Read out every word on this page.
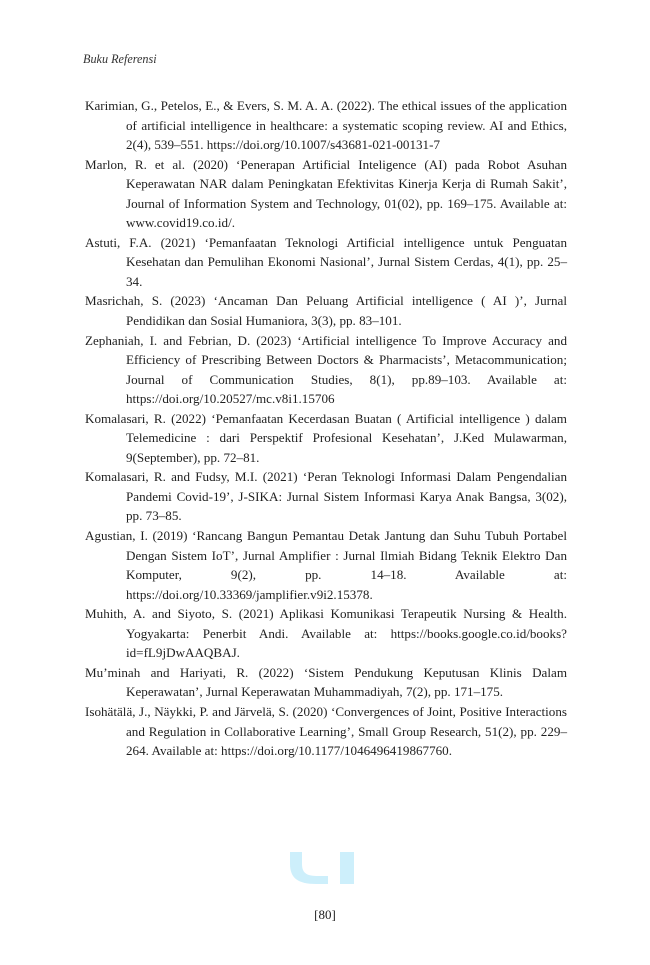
Buku Referensi
Karimian, G., Petelos, E., & Evers, S. M. A. A. (2022). The ethical issues of the application of artificial intelligence in healthcare: a systematic scoping review. AI and Ethics, 2(4), 539–551. https://doi.org/10.1007/s43681-021-00131-7
Marlon, R. et al. (2020) ‘Penerapan Artificial Inteligence (AI) pada Robot Asuhan Keperawatan NAR dalam Peningkatan Efektivitas Kinerja Kerja di Rumah Sakit’, Journal of Information System and Technology, 01(02), pp. 169–175. Available at: www.covid19.co.id/.
Astuti, F.A. (2021) ‘Pemanfaatan Teknologi Artificial intelligence untuk Penguatan Kesehatan dan Pemulihan Ekonomi Nasional’, Jurnal Sistem Cerdas, 4(1), pp. 25–34.
Masrichah, S. (2023) ‘Ancaman Dan Peluang Artificial intelligence ( AI )’, Jurnal Pendidikan dan Sosial Humaniora, 3(3), pp. 83–101.
Zephaniah, I. and Febrian, D. (2023) ‘Artificial intelligence To Improve Accuracy and Efficiency of Prescribing Between Doctors & Pharmacists’, Metacommunication; Journal of Communication Studies, 8(1), pp.89–103. Available at: https://doi.org/10.20527/mc.v8i1.15706
Komalasari, R. (2022) ‘Pemanfaatan Kecerdasan Buatan ( Artificial intelligence ) dalam Telemedicine : dari Perspektif Profesional Kesehatan’, J.Ked Mulawarman, 9(September), pp. 72–81.
Komalasari, R. and Fudsy, M.I. (2021) ‘Peran Teknologi Informasi Dalam Pengendalian Pandemi Covid-19’, J-SIKA: Jurnal Sistem Informasi Karya Anak Bangsa, 3(02), pp. 73–85.
Agustian, I. (2019) ‘Rancang Bangun Pemantau Detak Jantung dan Suhu Tubuh Portabel Dengan Sistem IoT’, Jurnal Amplifier : Jurnal Ilmiah Bidang Teknik Elektro Dan Komputer, 9(2), pp. 14–18. Available at: https://doi.org/10.33369/jamplifier.v9i2.15378.
Muhith, A. and Siyoto, S. (2021) Aplikasi Komunikasi Terapeutik Nursing & Health. Yogyakarta: Penerbit Andi. Available at: https://books.google.co.id/books?id=fL9jDwAAQBAJ.
Mu’minah and Hariyati, R. (2022) ‘Sistem Pendukung Keputusan Klinis Dalam Keperawatan’, Jurnal Keperawatan Muhammadiyah, 7(2), pp. 171–175.
Isohätälä, J., Näykki, P. and Järvelä, S. (2020) ‘Convergences of Joint, Positive Interactions and Regulation in Collaborative Learning’, Small Group Research, 51(2), pp. 229–264. Available at: https://doi.org/10.1177/1046496419867760.
[80]
